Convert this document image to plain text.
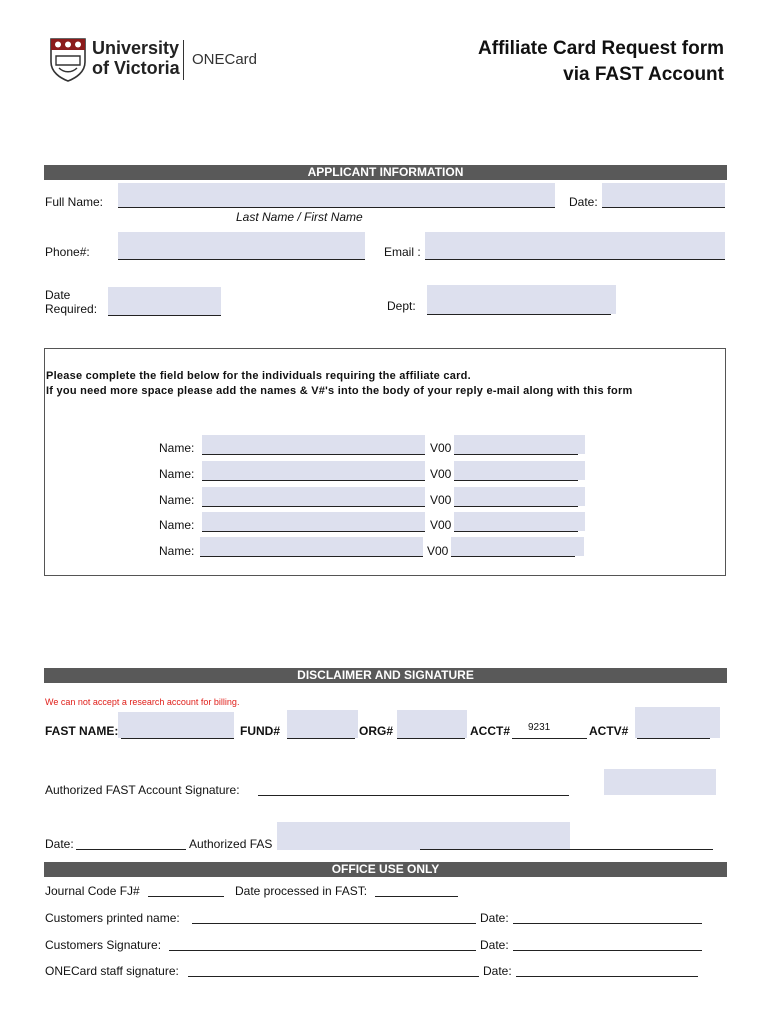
University
of Victoria ONECard
Affiliate Card Request form
via FAST Account
APPLICANT INFORMATION
Full Name:
Last Name / First Name
Date:
Phone#:	Email :
Date
Required:	Dept:
Please complete the field below for the individuals requiring the affiliate card.
If you need more space please add the names & V#'s into the body of your reply e-mail along with this form
Name:	V00
Name:	V00
Name:	V00
Name:	V00
Name:	V00
DISCLAIMER AND SIGNATURE
We can not accept a research account for billing.
FAST NAME:	FUND#	ORG#	ACCT# 9231	ACTV#
Authorized FAST Account Signature:
Date:	Authorized FAS
OFFICE USE ONLY
Journal Code FJ#	Date processed in FAST:
Customers printed name:	Date:
Customers Signature:	Date:
ONECard staff signature:	Date:
